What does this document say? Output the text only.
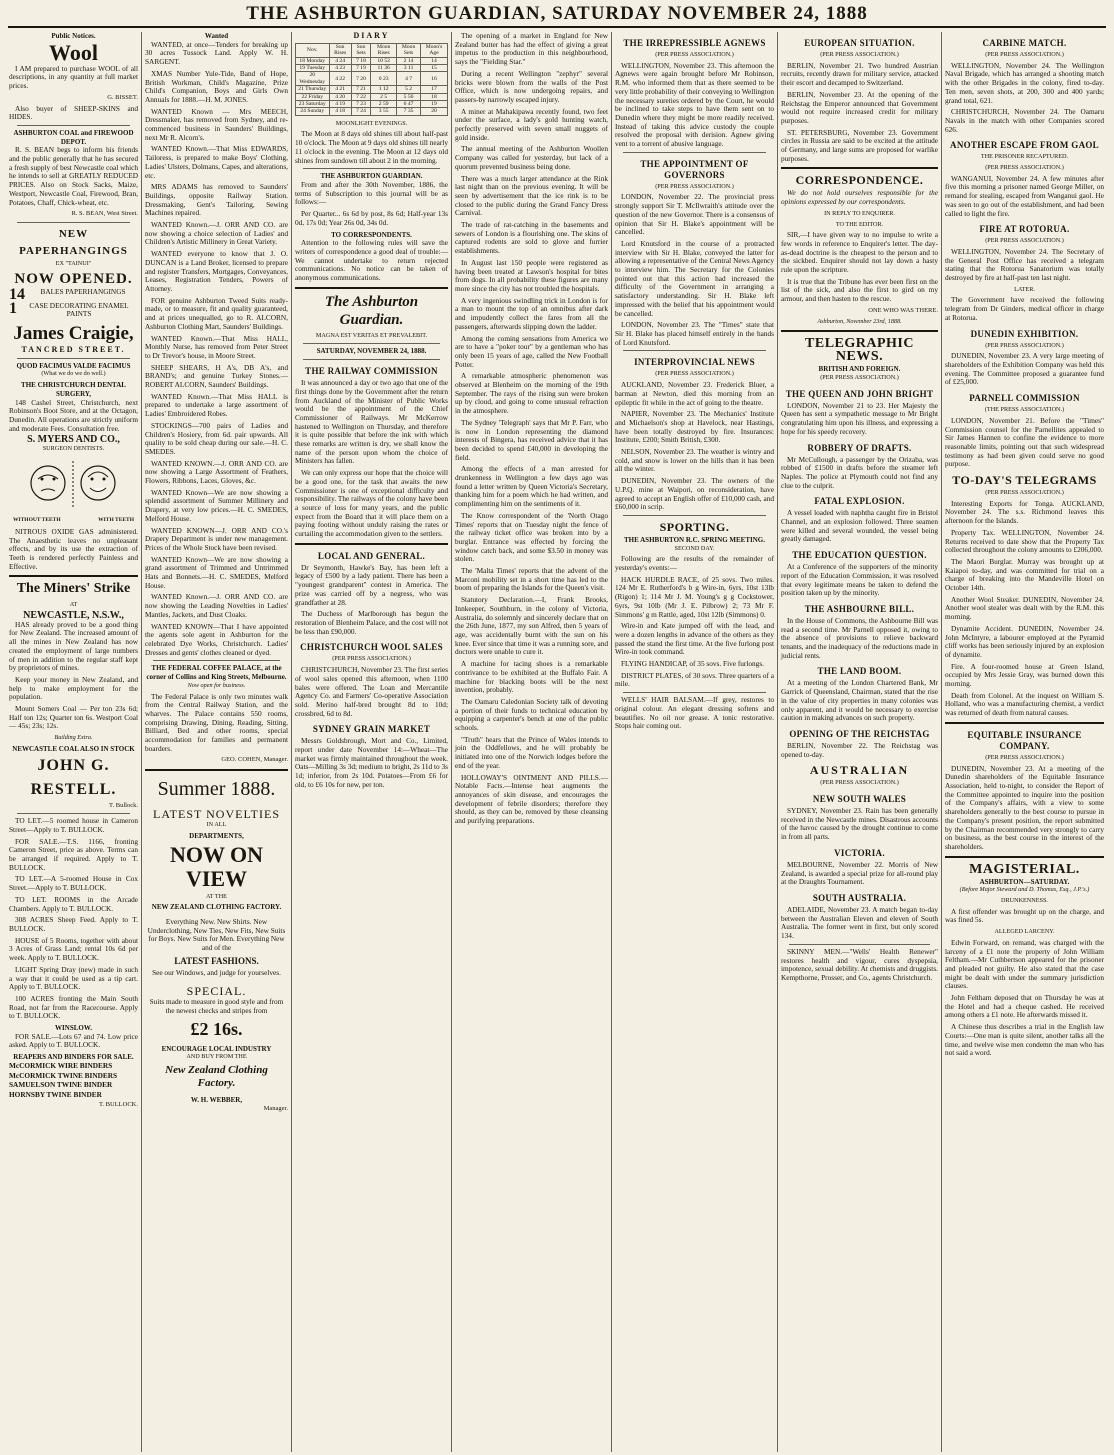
THE ASHBURTON GUARDIAN, SATURDAY NOVEMBER 24, 1888
Public Notices.
Wool

I AM prepared to purchase WOOL of all descriptions, in any quantity at full market prices.

G. BISSET.

Also buyer of SHEEP-SKINS and HIDES.

ASHBURTON COAL and FIREWOOD DEPOT.

R. S. BEAN begs to inform his friends and the public generally that he has secured a fresh supply of best Newcastle coal which he intends to sell at GREATLY REDUCED PRICES. Also on Stock Sacks, Maize, Westport, Newcastle Coal, Firewood, Bran, Potatoes, Chaff, Chick-wheat, etc.

R. S. BEAN, West Street.
NEW PAPERHANGINGS
EX "TAINUI"
NOW OPENED.

14 BALES PAPERHANGINGS

1 CASE DECORATING ENAMEL PAINTS

James Craigie,
TANCRED STREET.
QUOD FACIMUS VALDE FACIMUS
(What we do we do well.)
THE CHRISTCHURCH DENTAL SURGERY,

148 Cashel Street, Christchurch, next Robinson's Boot Store, and at the Octagon, Dunedin. All operations are strictly uniform and moderate Fees. Consultation free.

S. MYERS AND CO.,
SURGEON DENTISTS.
WITHOUT TEETH	WITH TEETH

NITROUS OXIDE GAS administered. The Anaesthetic leaves no unpleasant effects, and by its use the extraction of Teeth is rendered perfectly Painless and Effective.

The Miners' Strike
AT
NEWCASTLE, N.S.W.,

HAS already proved to be a good thing for New Zealand. The increased amount of all the mines in New Zealand has now created the employment of large numbers of men in addition to the regular staff kept by proprietors of mines.

Keep your money in New Zealand, and help to make employment for the population.

Mount Somers Coal — Per ton 23s 6d; Half ton 12s; Quarter ton 6s. Westport Coal — 45s; 23s; 12s.

Building Extra.
NEWCASTLE COAL ALSO IN STOCK
JOHN G. RESTELL.
T. Bullock.

TO LET.—5 roomed house in Cameron Street—Apply to T. BULLOCK.

FOR SALE.—T.S. 1166, fronting Cameron Street, price as above. Terms can be arranged if required. Apply to T. BULLOCK.

TO LET.—A 5-roomed House in Cox Street.—Apply to T. BULLOCK.

TO LET. ROOMS in the Arcade Chambers. Apply to T. BULLOCK.

308 ACRES Sheep Feed. Apply to T. BULLOCK.

HOUSE of 5 Rooms, together with about 3 Acres of Grass Land; rental 10s 6d per week. Apply to T. BULLOCK.

LIGHT Spring Dray (new) made in such a way that it could be used as a tip cart. Apply to T. BULLOCK.

100 ACRES fronting the Main South Road, not far from the Racecourse. Apply to T. BULLOCK.

WINSLOW.

FOR SALE.—Lots 67 and 74. Low price asked. Apply to T. BULLOCK.

REAPERS AND BINDERS FOR SALE.

McCORMICK WIRE BINDERS

McCORMICK TWINE BINDERS

SAMUELSON TWINE BINDER

HORNSBY TWINE BINDER

T. BULLOCK.
Wanted

WANTED, at once—Tenders for breaking up 30 acres Tussock Land. Apply W. H. SARGENT.

XMAS Number Yule-Tide, Band of Hope, British Workman, Child's Magazine, Prize Child's Companion, Boys and Girls Own Annuals for 1888.—H. M. JONES.

WANTED Known — Mrs MEECH, Dressmaker, has removed from Sydney, and re-commenced business in Saunders' Buildings, next Mr R. Alcorn's.

WANTED Known.—That Miss EDWARDS, Tailoress, is prepared to make Boys' Clothing, Ladies' Ulsters, Dolmans, Capes, and alterations, etc.

MRS ADAMS has removed to Saunders' Buildings, opposite Railway Station. Dressmaking, Gent's Tailoring, Sewing Machines repaired.

WANTED Known.—J. ORR AND CO. are now showing a choice selection of Ladies' and Children's Artistic Millinery in Great Variety.

WANTED everyone to know that J. O. DUNCAN is a Land Broker, licensed to prepare and register Transfers, Mortgages, Conveyances, Leases, Registration Tenders, Powers of Attorney.

FOR genuine Ashburton Tweed Suits ready-made, or to measure, fit and quality guaranteed, and at prices unequalled, go to R. ALCORN, Ashburton Clothing Mart, Saunders' Buildings.

WANTED Known.—That Miss HALL, Monthly Nurse, has removed from Peter Street to Dr Trevor's house, in Moore Street.

SHEEP SHEARS, H A's, DB A's, and BRAND's; and genuine Turkey Stones.—ROBERT ALCORN, Saunders' Buildings.

WANTED Known.—That Miss HALL is prepared to undertake a large assortment of Ladies' Embroidered Robes.

STOCKINGS—700 pairs of Ladies and Children's Hosiery, from 6d. pair upwards. All quality to be sold cheap during our sale.—H. C. SMEDES.

WANTED KNOWN.—J. ORR AND CO. are now showing a Large Assortment of Feathers, Flowers, Ribbons, Laces, Gloves, &c.

WANTED Known—We are now showing a splendid assortment of Summer Millinery and Drapery, at very low prices.—H. C. SMEDES, Melford House.

WANTED KNOWN—J. ORR AND CO.'s Drapery Department is under new management. Prices of the Whole Stock have been revised.

WANTED Known—We are now showing a grand assortment of Trimmed and Untrimmed Hats and Bonnets.—H. C. SMEDES, Melford House.

WANTED Known.—J. ORR AND CO. are now showing the Leading Novelties in Ladies' Mantles, Jackets, and Dust Cloaks.

WANTED KNOWN—That I have appointed the agents sole agent in Ashburton for the celebrated Dye Works, Christchurch. Ladies' Dresses and gents' clothes cleaned or dyed.

THE FEDERAL COFFEE PALACE, at the corner of Collins and King Streets, Melbourne.
Now open for business.

The Federal Palace is only two minutes walk from the Central Railway Station, and the wharves. The Palace contains 550 rooms, comprising Drawing, Dining, Reading, Sitting, Billiard, Bed and other rooms, special accommodation for families and permanent boarders.

GEO. COHEN, Manager.
Summer 1888.
LATEST NOVELTIES
IN ALL
DEPARTMENTS,
NOW ON VIEW
AT THE
NEW ZEALAND CLOTHING FACTORY.

Everything New. New Shirts. New Underclothing, New Ties, New Fits, New Suits for Boys. New Suits for Men. Everything New and of the

LATEST FASHIONS.

See our Windows, and judge for yourselves.

SPECIAL.

Suits made to measure in good style and from the newest checks and stripes from

£2 16s.
ENCOURAGE LOCAL INDUSTRY
AND BUY FROM THE
New Zealand Clothing Factory.
W. H. WEBBER,
Manager.
DIARY
Nov.	Sun Rises	Sun Sets	Moon Rises	Moon Sets	Moon's Age
18 Monday	4 24	7 18	10 52	2 14	14
19 Tuesday	4 23	7 19	11 36	3 11	15
20 Wednesday	4 22	7 20	0 23	4 7	16
21 Thursday	4 21	7 21	1 12	5 2	17
22 Friday	4 20	7 22	2 5	5 56	18
23 Saturday	4 19	7 23	2 59	6 47	19
24 Sunday	4 18	7 24	3 55	7 35	20
MOONLIGHT EVENINGS.

The Moon at 8 days old shines till about half-past 10 o'clock. The Moon at 9 days old shines till nearly 11 o'clock in the evening. The Moon at 12 days old shines from sundown till about 2 in the morning.

THE ASHBURTON GUARDIAN.

From and after the 30th November, 1886, the terms of Subscription to this journal will be as follows:—

Per Quarter... 6s 6d by post, 8s 6d; Half-year 13s 0d, 17s 0d; Year 26s 0d, 34s 0d.

TO CORRESPONDENTS.

Attention to the following rules will save the writers of correspondence a good deal of trouble:—We cannot undertake to return rejected communications. No notice can be taken of anonymous communications.

The Ashburton Guardian.
MAGNA EST VERITAS ET PREVALEBIT.
SATURDAY, NOVEMBER 24, 1888.
THE RAILWAY COMMISSION

It was announced a day or two ago that one of the first things done by the Government after the return from Auckland of the Minister of Public Works would be the appointment of the Chief Commissioner of Railways. Mr McKerrow hastened to Wellington on Thursday, and therefore it is quite possible that before the ink with which these remarks are written is dry, we shall know the name of the person upon whom the choice of Ministers has fallen.

We can only express our hope that the choice will be a good one, for the task that awaits the new Commissioner is one of exceptional difficulty and responsibility. The railways of the colony have been a source of loss for many years, and the public expect from the Board that it will place them on a paying footing without unduly raising the rates or curtailing the accommodation given to the settlers.

LOCAL AND GENERAL.

Dr Seymonth, Hawke's Bay, has been left a legacy of £500 by a lady patient. There has been a "youngest grandparent" contest in America. The prize was carried off by a negress, who was grandfather at 28.

The Duchess of Marlborough has begun the restoration of Blenheim Palace, and the cost will not be less than £90,000.

CHRISTCHURCH WOOL SALES
(PER PRESS ASSOCIATION.)

CHRISTCHURCH, November 23. The first series of wool sales opened this afternoon, when 1100 bales were offered. The Loan and Mercantile Agency Co. and Farmers' Co-operative Association sold. Merino half-bred brought 8d to 10d; crossbred, 6d to 8d.

SYDNEY GRAIN MARKET

Messrs Goldsbrough, Mort and Co., Limited, report under date November 14:—Wheat—The market was firmly maintained throughout the week. Oats—Milling 3s 3d; medium to bright, 2s 11d to 3s 1d; inferior, from 2s 10d. Potatoes—From £6 for old, to £6 10s for new, per ton.

The opening of a market in England for New Zealand butter has had the effect of giving a great impetus to the production in this neighbourhood, says the "Fielding Star."

During a recent Wellington "zephyr" several bricks were blown from the walls of the Post Office, which is now undergoing repairs, and passers-by narrowly escaped injury.

A miner at Mahakipawa recently found, two feet under the surface, a lady's gold hunting watch, perfectly preserved with seven small nuggets of gold inside.

The annual meeting of the Ashburton Woollen Company was called for yesterday, but lack of a quorum prevented business being done.

There was a much larger attendance at the Rink last night than on the previous evening. It will be seen by advertisement that the ice rink is to be closed to the public during the Grand Fancy Dress Carnival.

The trade of rat-catching in the basements and sewers of London is a flourishing one. The skins of captured rodents are sold to glove and furrier establishments.

In August last 150 people were registered as having been treated at Lawson's hospital for bites from dogs. In all probability these figures are many more since the city has not troubled the hospitals.

A very ingenious swindling trick in London is for a man to mount the top of an omnibus after dark and impudently collect the fares from all the passengers, afterwards slipping down the ladder.

Among the coming sensations from America we are to have a "poker tour" by a gentleman who has only been 15 years of age, called the New Football Potter.

A remarkable atmospheric phenomenon was observed at Blenheim on the morning of the 19th September. The rays of the rising sun were broken up by cloud, and going to come unusual refraction in the atmosphere.

The Sydney 'Telegraph' says that Mr P. Farr, who is now in London representing the diamond interests of Bingera, has received advice that it has been decided to spend £40,000 in developing the field.

Among the effects of a man arrested for drunkenness in Wellington a few days ago was found a letter written by Queen Victoria's Secretary, thanking him for a poem which he had written, and complimenting him on the sentiments of it.

The Know correspondent of the 'North Otago Times' reports that on Tuesday night the fence of the railway ticket office was broken into by a burglar. Entrance was effected by forcing the window catch back, and some $3.50 in money was stolen.

The 'Malta Times' reports that the advent of the Marconi mobility set in a short time has led to the boom of preparing the Islands for the Queen's visit.

Statutory Declaration.—I, Frank Brooks, Innkeeper, Southburn, in the colony of Victoria, Australia, do solemnly and sincerely declare that on the 26th June, 1877, my son Alfred, then 5 years of age, was accidentally burnt with the sun on his knee. Ever since that time it was a running sore, and doctors were unable to cure it.

A machine for tacing shoes is a remarkable contrivance to be exhibited at the Buffalo Fair. A machine for blacking boots will be the next invention, probably.

The Oamaru Caledonian Society talk of devoting a portion of their funds to technical education by equipping a carpenter's bench at one of the public schools.

"Truth" hears that the Prince of Wales intends to join the Oddfellows, and he will probably be initiated into one of the Norwich lodges before the end of the year.

HOLLOWAY'S OINTMENT AND PILLS.—Notable Facts.—Intense heat augments the annoyances of skin disease, and encourages the development of febrile disorders; therefore they should, as they can be, removed by these cleansing and purifying preparations.

THE IRREPRESSIBLE AGNEWS
(PER PRESS ASSOCIATION.)

WELLINGTON, November 23. This afternoon the Agnews were again brought before Mr Robinson, R.M. who informed them that as there seemed to be very little probability of their conveying to Wellington the necessary sureties ordered by the Court, he would be inclined to take steps to have them sent on to Dunedin where they might be more readily received. Instead of taking this advice custody the couple resolved the proposal with derision. Agnew giving vent to a torrent of abusive language.

THE APPOINTMENT OF GOVERNORS
(PER PRESS ASSOCIATION.)

LONDON, November 22. The provincial press strongly support Sir T. McIlwraith's attitude over the question of the new Governor. There is a consensus of opinion that Sir H. Blake's appointment will be cancelled.

Lord Knutsford in the course of a protracted interview with Sir H. Blake, conveyed the latter for allowing a representative of the Central News Agency to interview him. The Secretary for the Colonies pointed out that this action had increased the difficulty of the Government in arranging a satisfactory understanding. Sir H. Blake left impressed with the belief that his appointment would be cancelled.

LONDON, November 23. The "Times" state that Sir H. Blake has placed himself entirely in the hands of Lord Knutsford.

INTERPROVINCIAL NEWS
(PER PRESS ASSOCIATION.)

AUCKLAND, November 23. Frederick Bluer, a barman at Newton, died this morning from an epileptic fit while in the act of going to the theatre.

NAPIER, November 23. The Mechanics' Institute and Michaelson's shop at Havelock, near Hastings, have been totally destroyed by fire. Insurances: Institute, £200; Smith British, £300.

NELSON, November 23. The weather is wintry and cold, and snow is lower on the hills than it has been all the winter.

DUNEDIN, November 23. The owners of the U.P.Q. mine at Waipori, on reconsideration, have agreed to accept an English offer of £10,000 cash, and £60,000 in scrip.

SPORTING.
THE ASHBURTON R.C. SPRING MEETING.
SECOND DAY.

Following are the results of the remainder of yesterday's events:—

HACK HURDLE RACE, of 25 sovs. Two miles. 124 Mr E. Rutherford's b g Wire-in, 6yrs, 10st 13lb (Rigon) 1; 114 Mr J. M. Young's g g Cockstower, 6yrs, 9st 10lb (Mr J. E. Pilbrow) 2; 73 Mr F. Simmons' g m Rattle, aged, 10st 12lb (Simmons) 0.

Wire-in and Kate jumped off with the lead, and were a dozen lengths in advance of the others as they passed the stand the first time. At the five furlong post Wire-in took command.

FLYING HANDICAP, of 35 sovs. Five furlongs.

DISTRICT PLATES, of 30 sovs. Three quarters of a mile.

WELLS' HAIR BALSAM.—If grey, restores to original colour. An elegant dressing softens and beautifies. No oil nor grease. A tonic restorative. Stops hair coming out.

EUROPEAN SITUATION.
(PER PRESS ASSOCIATION.)

BERLIN, November 21. Two hundred Austrian recruits, recently drawn for military service, attacked their escort and decamped to Switzerland.

BERLIN, November 23. At the opening of the Reichstag the Emperor announced that Government would not require increased credit for military purposes.

ST. PETERSBURG, November 23. Government circles in Russia are said to be excited at the attitude of Germany, and large sums are proposed for warlike purposes.

CORRESPONDENCE.

We do not hold ourselves responsible for the opinions expressed by our correspondents.

IN REPLY TO ENQUIRER.
TO THE EDITOR.

SIR,—I have given way to no impulse to write a few words in reference to Enquirer's letter. The day-as-dead doctrine is the cheapest to the person and to the sickbed. Enquirer should not lay down a hasty rule upon the scripture.

It is true that the Tribune has ever been first on the list of the sick, and also the first to gird on my armour, and then hasten to the rescue.

ONE WHO WAS THERE.
Ashburton, November 23rd, 1888.
TELEGRAPHIC NEWS.
BRITISH AND FOREIGN.
(PER PRESS ASSOCIATION.)
THE QUEEN AND JOHN BRIGHT

LONDON, November 21 to 23. Her Majesty the Queen has sent a sympathetic message to Mr Bright congratulating him upon his illness, and expressing a hope for his speedy recovery.

ROBBERY OF DRAFTS.

Mr McCullough, a passenger by the Orizaba, was robbed of £1500 in drafts before the steamer left Naples. The police at Plymouth could not find any clue to the culprit.

FATAL EXPLOSION.

A vessel loaded with naphtha caught fire in Bristol Channel, and an explosion followed. Three seamen were killed and several wounded, the vessel being greatly damaged.

THE EDUCATION QUESTION.

At a Conference of the supporters of the minority report of the Education Commission, it was resolved that every legitimate means be taken to defend the position taken up by the minority.

THE ASHBOURNE BILL.

In the House of Commons, the Ashbourne Bill was read a second time. Mr Parnell opposed it, owing to the absence of provisions to relieve backward tenants, and the inadequacy of the reductions made in judicial rents.

THE LAND BOOM.

At a meeting of the London Chartered Bank, Mr Garrick of Queensland, Chairman, stated that the rise in the value of city properties in many colonies was only apparent, and it would be necessary to exercise caution in making advances on such property.

OPENING OF THE REICHSTAG

BERLIN, November 22. The Reichstag was opened to-day.

AUSTRALIAN
(PER PRESS ASSOCIATION.)
NEW SOUTH WALES

SYDNEY, November 23. Rain has been generally received in the Newcastle mines. Disastrous accounts of the havoc caused by the drought continue to come in from all parts.

VICTORIA.

MELBOURNE, November 22. Morris of New Zealand, is awarded a special prize for all-round play at the Draughts Tournament.

SOUTH AUSTRALIA.

ADELAIDE, November 23. A match began to-day between the Australian Eleven and eleven of South Australia. The former went in first, but only scored 134.

SKINNY MEN.—"Wells' Health Renewer" restores health and vigour, cures dyspepsia, impotence, sexual debility. At chemists and druggists. Kempthorne, Prosser, and Co., agents Christchurch.

CARBINE MATCH.
(PER PRESS ASSOCIATION.)

WELLINGTON, November 24. The Wellington Naval Brigade, which has arranged a shooting match with the other Brigades in the colony, fired to-day. Ten men, seven shots, at 200, 300 and 400 yards; grand total, 621.

CHRISTCHURCH, November 24. The Oamaru Navals in the match with other Companies scored 626.

ANOTHER ESCAPE FROM GAOL
THE PRISONER RECAPTURED.
(PER PRESS ASSOCIATION.)

WANGANUI, November 24. A few minutes after five this morning a prisoner named George Miller, on remand for stealing, escaped from Wanganui gaol. He was seen to go out of the establishment, and had been called to light the fire.

FIRE AT ROTORUA.
(PER PRESS ASSOCIATION.)

WELLINGTON, November 24. The Secretary of the General Post Office has received a telegram stating that the Rotorua Sanatorium was totally destroyed by fire at half-past ten last night.

LATER.

The Government have received the following telegram from Dr Ginders, medical officer in charge at Rotorua.

DUNEDIN EXHIBITION.
(PER PRESS ASSOCIATION.)

DUNEDIN, November 23. A very large meeting of shareholders of the Exhibition Company was held this evening. The Committee proposed a guarantee fund of £25,000.

PARNELL COMMISSION
(THE PRESS ASSOCIATION.)

LONDON, November 21. Before the "Times" Commission counsel for the Parnellites appealed to Sir James Hannen to confine the evidence to more reasonable limits, pointing out that such widespread testimony as had been given could serve no good purpose.

TO-DAY'S TELEGRAMS
(PER PRESS ASSOCIATION.)

Interesting Exports for Tonga. AUCKLAND, November 24. The s.s. Richmond leaves this afternoon for the Islands.

Property Tax. WELLINGTON, November 24. Returns received to date show that the Property Tax collected throughout the colony amounts to £206,000.

The Maori Burglar. Murray was brought up at Kaiapoi to-day, and was committed for trial on a charge of breaking into the Mandeville Hotel on October 14th.

Another Wool Steaker. DUNEDIN, November 24. Another wool stealer was dealt with by the R.M. this morning.

Dynamite Accident. DUNEDIN, November 24. John McIntyre, a labourer employed at the Pyramid cliff works has been seriously injured by an explosion of dynamite.

Fire. A four-roomed house at Green Island, occupied by Mrs Jessie Gray, was burned down this morning.

Death from Colonel. At the inquest on William S. Holland, who was a manufacturing chemist, a verdict was returned of death from natural causes.

EQUITABLE INSURANCE COMPANY.
(PER PRESS ASSOCIATION.)

DUNEDIN, November 23. At a meeting of the Dunedin shareholders of the Equitable Insurance Association, held to-night, to consider the Report of the Committee appointed to inquire into the position of the Company's affairs, with a view to some shareholders generally to the best course to pursue in the Company's present position, the report submitted by the Chairman recommended very strongly to carry on business, as the best course in the interest of the shareholders.

MAGISTERIAL.
ASHBURTON—SATURDAY.
(Before Major Steward and D. Thomas, Esq., J.P.'s.)
DRUNKENNESS.

A first offender was brought up on the charge, and was fined 5s.

ALLEGED LARCENY.

Edwin Forward, on remand, was charged with the larceny of a £1 note the property of John William Feltham.—Mr Cuthbertson appeared for the prisoner and pleaded not guilty. He also stated that the case might be dealt with under the summary jurisdiction clauses.

John Feltham deposed that on Thursday he was at the Hotel and had a cheque cashed. He received among others a £1 note. He afterwards missed it.

A Chinese thus describes a trial in the English law Courts:—One man is quite silent, another talks all the time, and twelve wise men condemn the man who has not said a word.
